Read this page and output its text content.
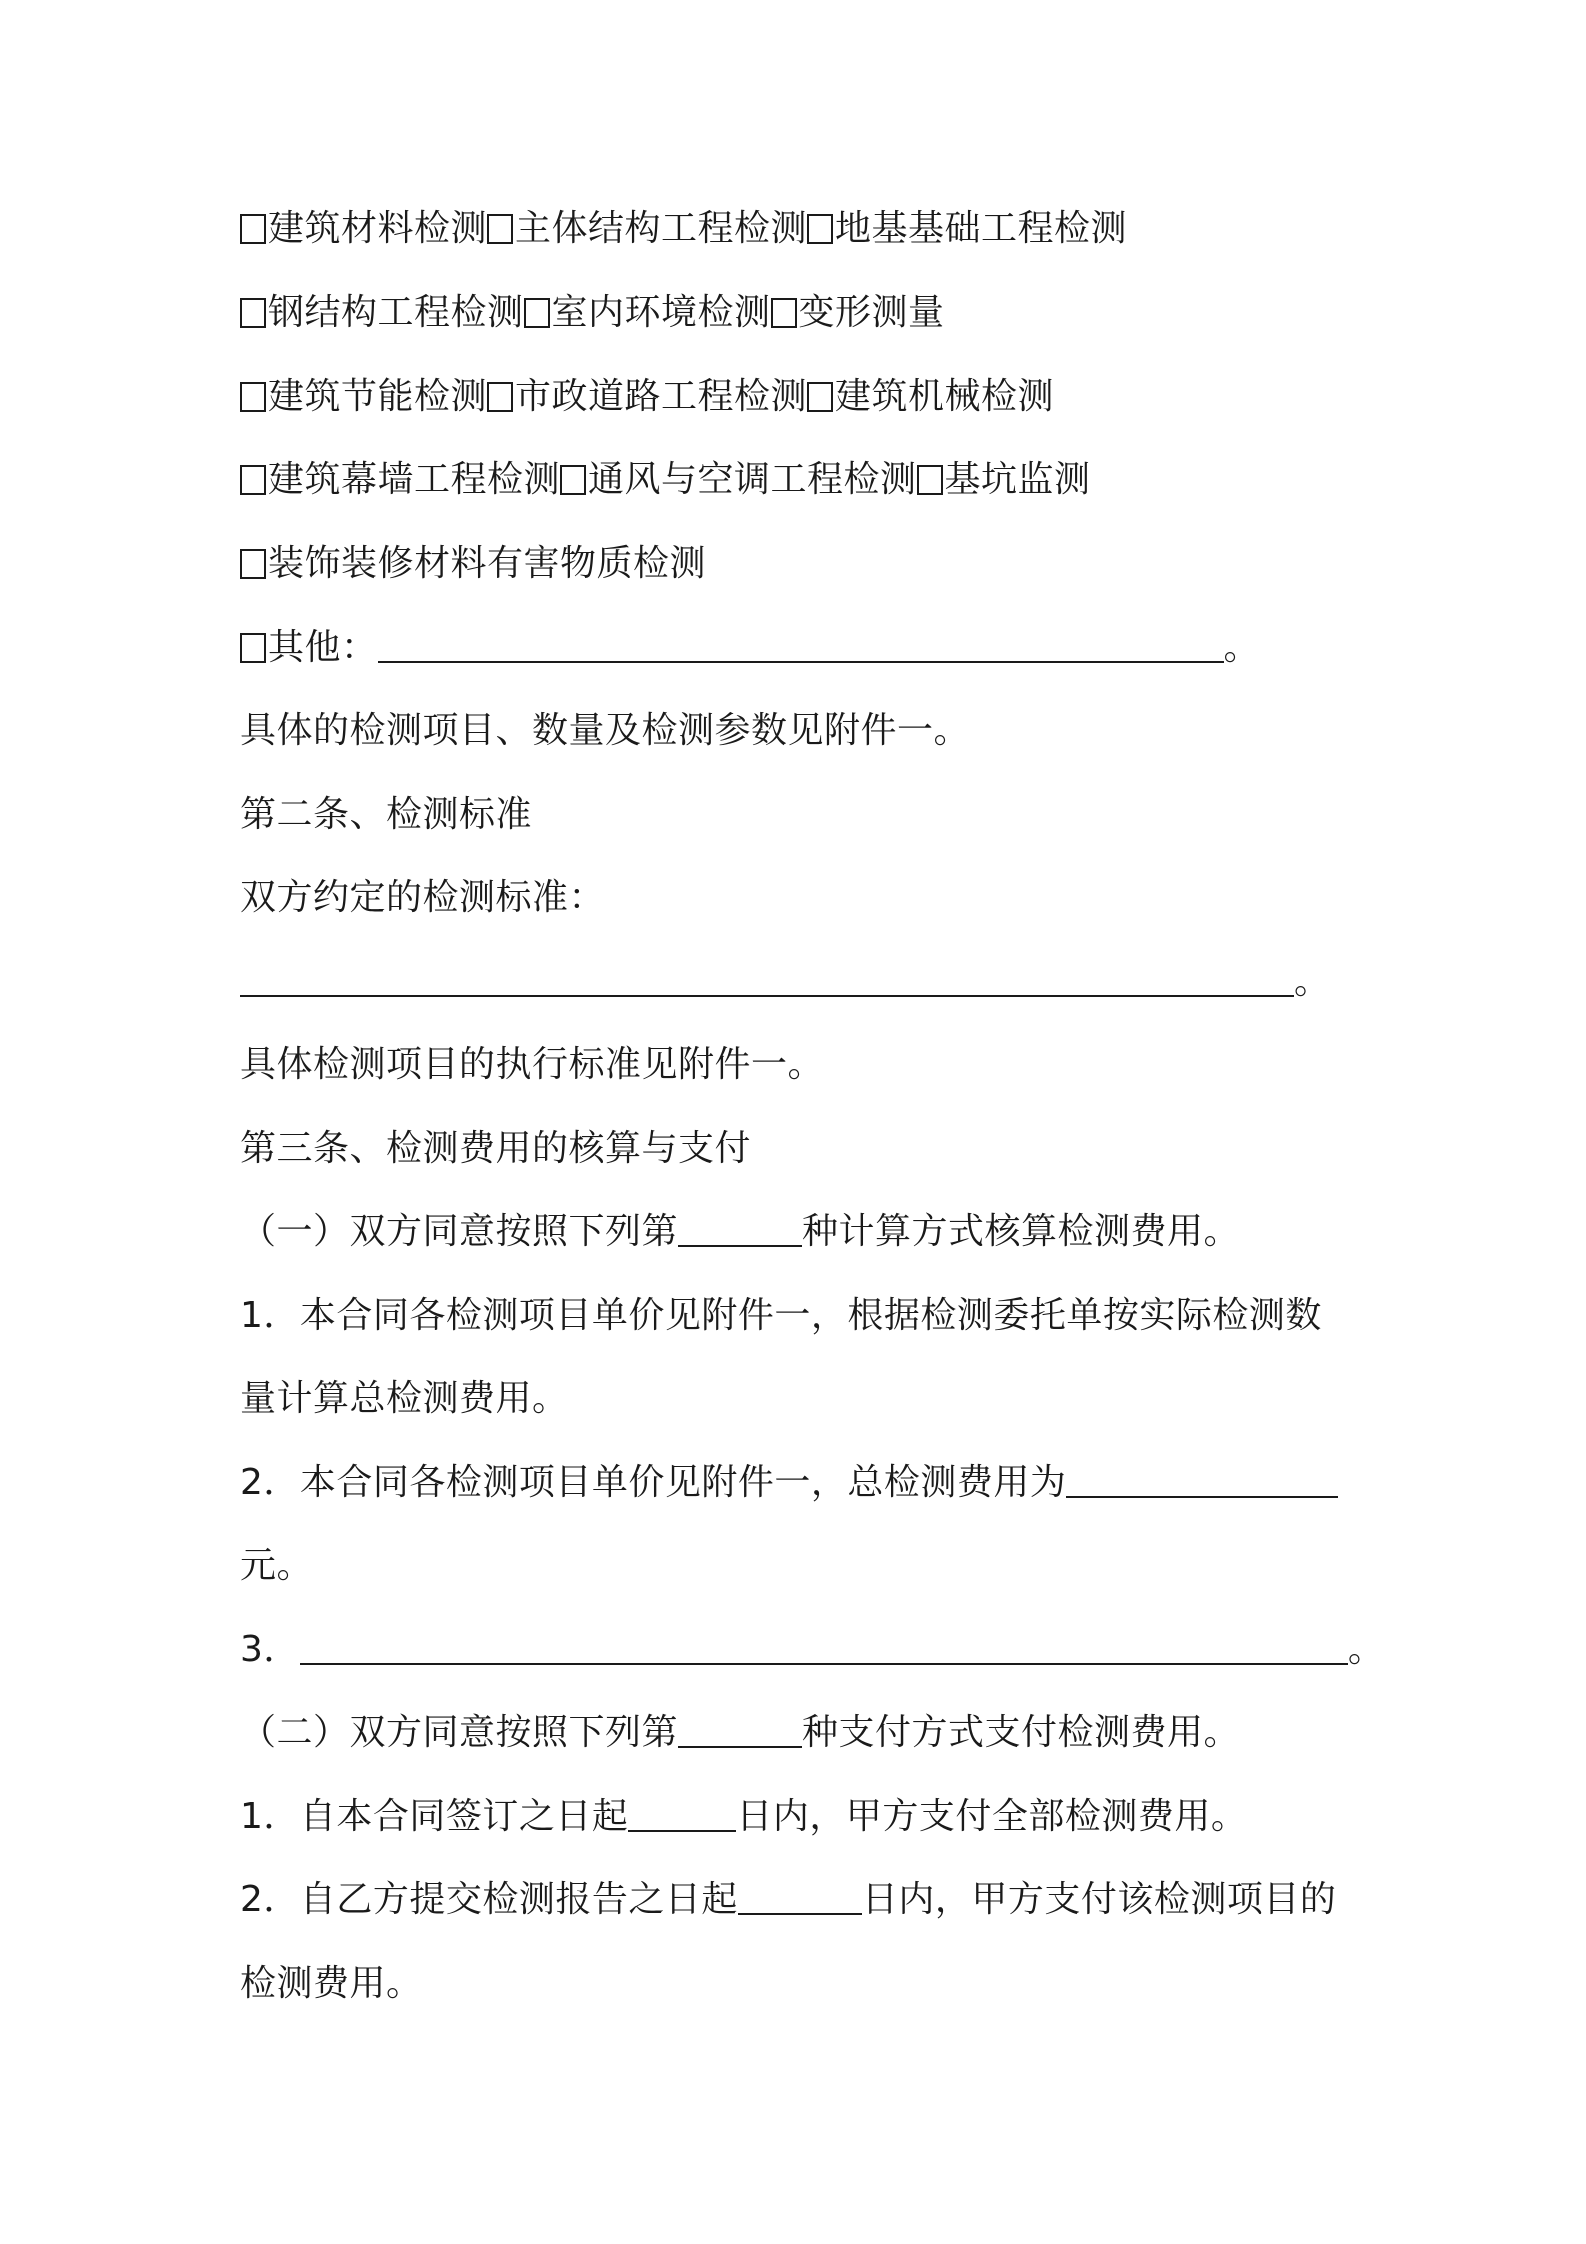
建筑材料检测 主体结构工程检测 地基基础工程检测
钢结构工程检测 室内环境检测 变形测量
建筑节能检测 市政道路工程检测 建筑机械检测
建筑幕墙工程检测 通风与空调工程检测 基坑监测
装饰装修材料有害物质检测
其他：	。
具体的检测项目、数量及检测参数见附件一。
第二条、检测标准
双方约定的检测标准：
。
具体检测项目的执行标准见附件一。
第三条、检测费用的核算与支付
（一）双方同意按照下列第	种计算方式核算检测费用。
1．本合同各检测项目单价见附件一，根据检测委托单按实际检测数
量计算总检测费用。
2．本合同各检测项目单价见附件一，总检测费用为
元。
3．	。
（二）双方同意按照下列第	种支付方式支付检测费用。
1．自本合同签订之日起	日内，甲方支付全部检测费用。
2．自乙方提交检测报告之日起	日内，甲方支付该检测项目的
检测费用。
